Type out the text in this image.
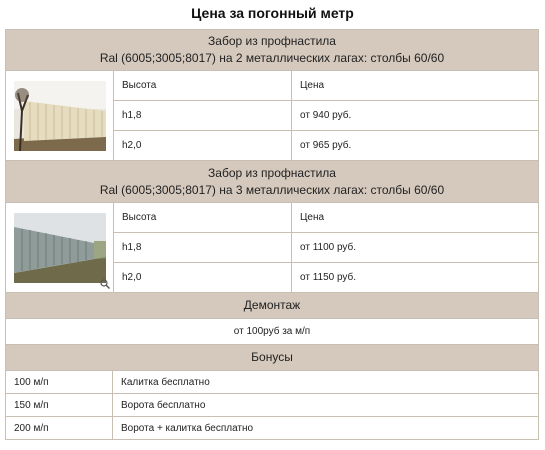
Цена за погонный метр
Забор из профнастила
Ral (6005;3005;8017) на 2 металлических лагах: столбы 60/60
Высота	Цена
h1,8	от 940 руб.
h2,0	от 965 руб.
Забор из профнастила
Ral (6005;3005;8017) на 3 металлических лагах: столбы 60/60
Высота	Цена
h1,8	от 1100 руб.
h2,0	от 1150 руб.
Демонтаж
от 100руб за м/п
Бонусы
100 м/п	Калитка бесплатно
150 м/п	Ворота бесплатно
200 м/п	Ворота + калитка бесплатно
